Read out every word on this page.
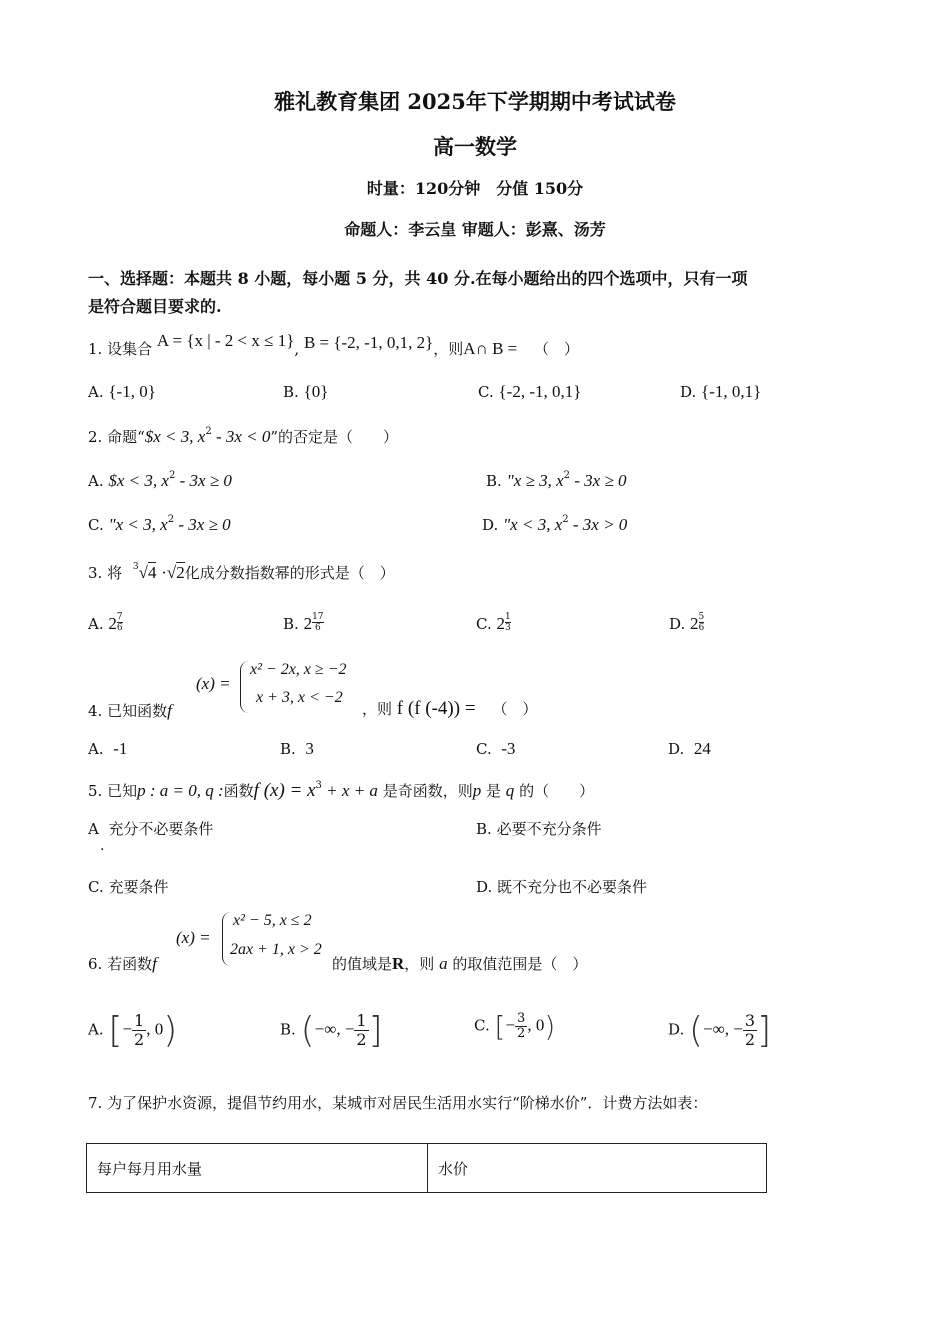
雅礼教育集团 2025年下学期期中考试试卷
高一数学
时量：120分钟　分值 150分
命题人：李云皇 审题人：彭熹、汤芳
一、选择题：本题共 8 小题，每小题 5 分，共 40 分.在每小题给出的四个选项中，只有一项
是符合题目要求的.
1. 设集合 A = {x | - 2 < x ≤ 1}, B = {-2, -1, 0,1, 2}，则A∩ B = （　）
A. {-1, 0}	B. {0}	C. {-2, -1, 0,1}	D. {-1, 0,1}
2. 命题“$x < 3, $x^2 - 3x < 0$”的否定是（　　）
A. $x < 3, $x^2 - 3x \ge 0$	B. "x ≥ 3, $x^2 - 3x \ge 0$
C. "x < 3, $x^2 - 3x \ge 0$	D. "x < 3, $x^2 - 3x > 0$
3. 将 $^3$√4 ·√2化成分数指数幂的形式是（　）
A. $2 \frac{7}{6}$	B. $2 \frac{17}{6}$	C. $2 \frac{1}{3}$	D. $2 \frac{5}{6}$
4. 已知函数f
(x) =
x² − 2x, x ≥ −2
x + 3, x < −2
，则 f (f (-4)) = （　）
A. -1	B. 3	C. -3	D. 24
5. 已知p : a = 0, q :函数f $(x) = x^3 + x + a$ 是奇函数，则p 是 q 的（　　）
A 充分不必要条件
.
B. 必要不充分条件
C. 充要条件	D. 既不充分也不必要条件
6. 若函数f
(x) =
x² − 5, x ≤ 2
2ax + 1, x > 2
的值域是R，则 a 的取值范围是（　）
A. [− $\frac{1}{2}$ , 0)	B. (−∞, − $\frac{1}{2}$ ]	C. [− $\frac{3}{2}$ , 0)	D. (−∞, − $\frac{3}{2}$ ]
7. 为了保护水资源，提倡节约用水，某城市对居民生活用水实行“阶梯水价”．计费方法如表：
每户每月用水量	水价
